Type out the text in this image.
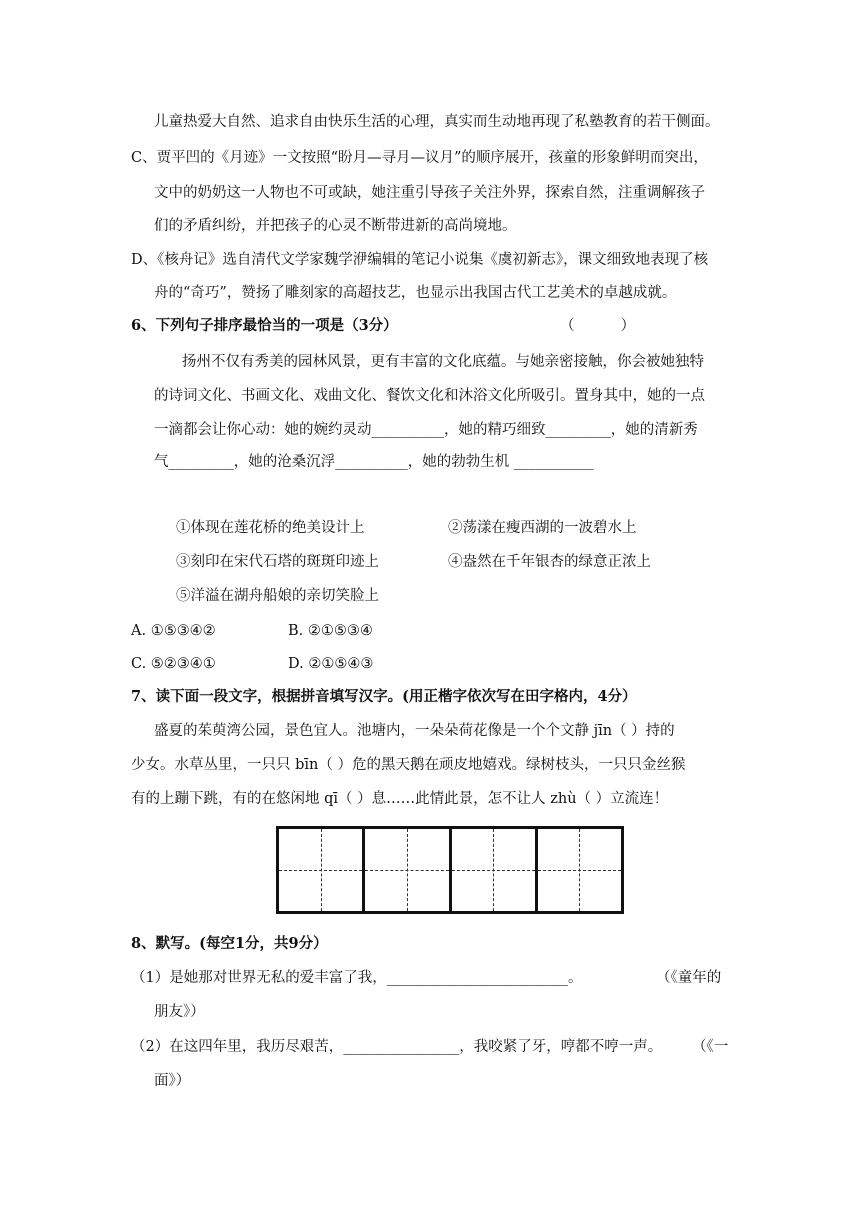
儿童热爱大自然、追求自由快乐生活的心理，真实而生动地再现了私塾教育的若干侧面。
C、贾平凹的《月迹》一文按照“盼月—寻月—议月”的顺序展开，孩童的形象鲜明而突出，
文中的奶奶这一人物也不可或缺，她注重引导孩子关注外界，探索自然，注重调解孩子
们的矛盾纠纷，并把孩子的心灵不断带进新的高尚境地。
D、《核舟记》选自清代文学家魏学洢编辑的笔记小说集《虞初新志》，课文细致地表现了核
舟的“奇巧”，赞扬了雕刻家的高超技艺，也显示出我国古代工艺美术的卓越成就。
6、下列句子排序最恰当的一项是（3分）	（          ）
扬州不仅有秀美的园林风景，更有丰富的文化底蕴。与她亲密接触，你会被她独特
的诗词文化、书画文化、戏曲文化、餐饮文化和沐浴文化所吸引。置身其中，她的一点
一滴都会让你心动：她的婉约灵动__________，她的精巧细致_________，她的清新秀
气_________，她的沧桑沉浮__________，她的勃勃生机 ___________
①体现在莲花桥的绝美设计上	②荡漾在瘦西湖的一波碧水上
③刻印在宋代石塔的斑斑印迹上	④盎然在千年银杏的绿意正浓上
⑤洋溢在湖舟船娘的亲切笑脸上
A. ①⑤③④②	B. ②①⑤③④
C. ⑤②③④①	D. ②①⑤④③
7、读下面一段文字，根据拼音填写汉字。(用正楷字依次写在田字格内，4分）
盛夏的茱萸湾公园，景色宜人。池塘内，一朵朵荷花像是一个个文静 jīn（ ）持的
少女。水草丛里，一只只 bīn（ ）危的黑天鹅在顽皮地嬉戏。绿树枝头，一只只金丝猴
有的上蹦下跳，有的在悠闲地 qī（ ）息……此情此景，怎不让人 zhù（ ）立流连！
8、默写。(每空1分，共9分）
（1）是她那对世界无私的爱丰富了我，_________________________。	（《童年的
朋友》）
（2）在这四年里，我历尽艰苦，________________，我咬紧了牙，哼都不哼一声。 （《一
面》）
